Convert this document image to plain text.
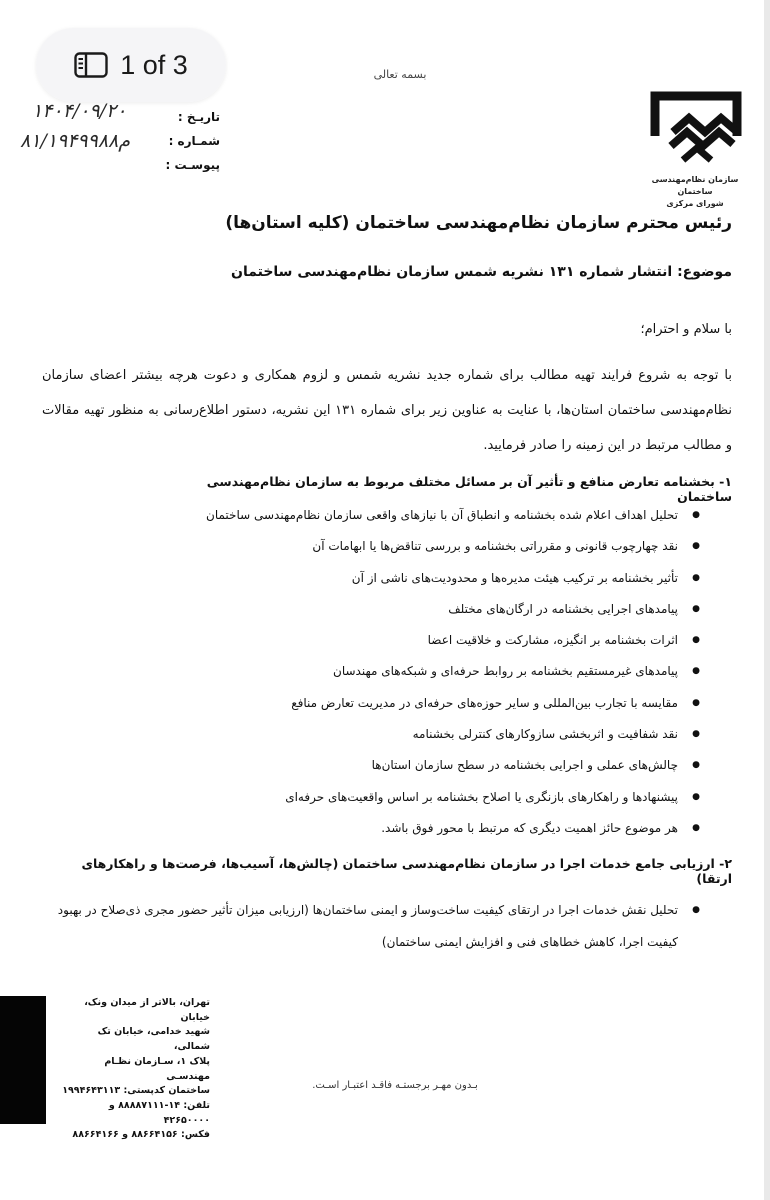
1 of 3	بسمه تعالی
سازمان نظام‌مهندسی ساختمان
شورای مرکزی
تاریـخ :
شمـاره :
پیوسـت :
۱۴۰۴/۰۹/۲۰
۸۱/۱۹۴۹۹۸۸م
رئیس محترم سازمان نظام‌مهندسی ساختمان (کلیه استان‌ها)
موضوع: انتشار شماره ۱۳۱ نشریه شمس سازمان نظام‌مهندسی ساختمان
با سلام و احترام؛
با توجه به شروع فرایند تهیه مطالب برای شماره جدید نشریه شمس و لزوم همکاری و دعوت هرچه بیشتر اعضای سازمان نظام‌مهندسی ساختمان استان‌ها، با عنایت به عناوین زیر برای شماره ۱۳۱ این نشریه، دستور اطلاع‌رسانی به منظور تهیه مقالات و مطالب مرتبط در این زمینه را صادر فرمایید.
۱- بخشنامه تعارض منافع و تأثیر آن بر مسائل مختلف مربوط به سازمان نظام‌مهندسی ساختمان
● تحلیل اهداف اعلام شده بخشنامه و انطباق آن با نیازهای واقعی سازمان نظام‌مهندسی ساختمان
● نقد چهارچوب قانونی و مقرراتی بخشنامه و بررسی تناقض‌ها یا ابهامات آن
● تأثیر بخشنامه بر ترکیب هیئت مدیره‌ها و محدودیت‌های ناشی از آن
● پیامدهای اجرایی بخشنامه در ارگان‌های مختلف
● اثرات بخشنامه بر انگیزه، مشارکت و خلاقیت اعضا
● پیامدهای غیرمستقیم بخشنامه بر روابط حرفه‌ای و شبکه‌های مهندسان
● مقایسه با تجارب بین‌المللی و سایر حوزه‌های حرفه‌ای در مدیریت تعارض منافع
● نقد شفافیت و اثربخشی سازوکارهای کنترلی بخشنامه
● چالش‌های عملی و اجرایی بخشنامه در سطح سازمان استان‌ها
● پیشنهادها و راهکارهای بازنگری یا اصلاح بخشنامه بر اساس واقعیت‌های حرفه‌ای
● هر موضوع حائز اهمیت دیگری که مرتبط با محور فوق باشد.
۲- ارزیابی جامع خدمات اجرا در سازمان نظام‌مهندسی ساختمان (چالش‌ها، آسیب‌ها، فرصت‌ها و راهکارهای ارتقا)
● تحلیل نقش خدمات اجرا در ارتقای کیفیت ساخت‌وساز و ایمنی ساختمان‌ها (ارزیابی میزان تأثیر حضور مجری ذی‌صلاح در بهبود کیفیت اجرا، کاهش خطاهای فنی و افزایش ایمنی ساختمان)
تهران، بالاتر از میدان ونک، خیابان
شهید خدامی، خیابان تک شمالی،
پلاک ۱، سـازمان نظـام مهندسـی
ساختمان کدپستی: ۱۹۹۴۶۴۳۱۱۳
تلفن: ۱۴-۸۸۸۸۷۱۱۱ و ۴۲۶۵۰۰۰۰
فکس: ۸۸۶۶۴۱۵۶ و ۸۸۶۶۴۱۶۶
بـدون مهـر برجستـه فاقـد اعتبـار اسـت.
